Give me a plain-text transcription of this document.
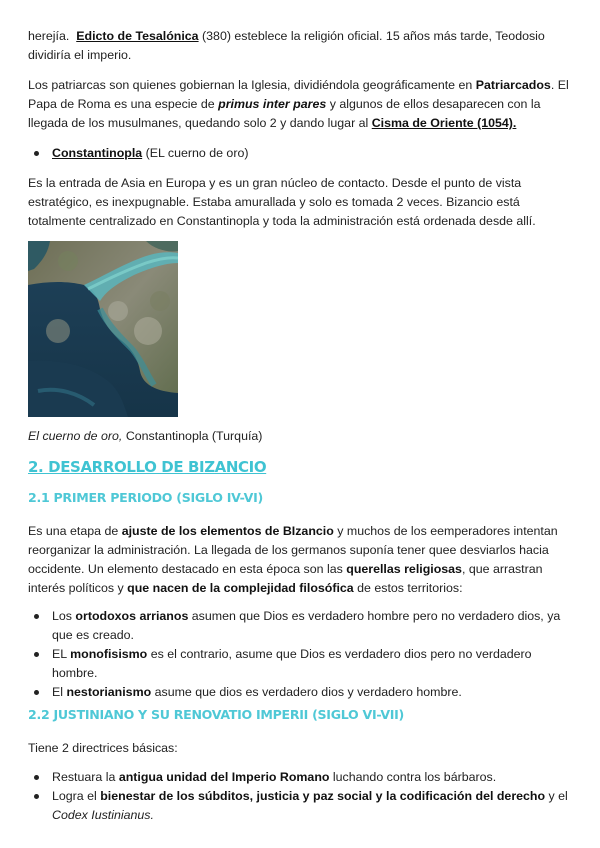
herejía. Edicto de Tesalónica (380) esteblece la religión oficial. 15 años más tarde, Teodosio dividiría el imperio.

Los patriarcas son quienes gobiernan la Iglesia, dividiéndola geográficamente en Patriarcados. El Papa de Roma es una especie de primus inter pares y algunos de ellos desaparecen con la llegada de los musulmanes, quedando solo 2 y dando lugar al Cisma de Oriente (1054).

Constantinopla (EL cuerno de oro)

Es la entrada de Asia en Europa y es un gran núcleo de contacto. Desde el punto de vista estratégico, es inexpugnable. Estaba amurallada y solo es tomada 2 veces. Bizancio está totalmente centralizado en Constantinopla y toda la administración está ordenada desde allí.

El cuerno de oro, Constantinopla (Turquía)

2. DESARROLLO DE BIZANCIO

2.1 PRIMER PERIODO (SIGLO IV-VI)

Es una etapa de ajuste de los elementos de BIzancio y muchos de los eemperadores intentan reorganizar la administración. La llegada de los germanos suponía tener quee desviarlos hacia occidente. Un elemento destacado en esta época son las querellas religiosas, que arrastran interés políticos y que nacen de la complejidad filosófica de estos territorios:

Los ortodoxos arrianos asumen que Dios es verdadero hombre pero no verdadero dios, ya que es creado.
EL monofisismo es el contrario, asume que Dios es verdadero dios pero no verdadero hombre.
El nestorianismo asume que dios es verdadero dios y verdadero hombre.

2.2 JUSTINIANO Y SU RENOVATIO IMPERII (SIGLO VI-VII)

Tiene 2 directrices básicas:

Restuara la antigua unidad del Imperio Romano luchando contra los bárbaros.
Logra el bienestar de los súbditos, justicia y paz social y la codificación del derecho y el Codex Iustinianus.
